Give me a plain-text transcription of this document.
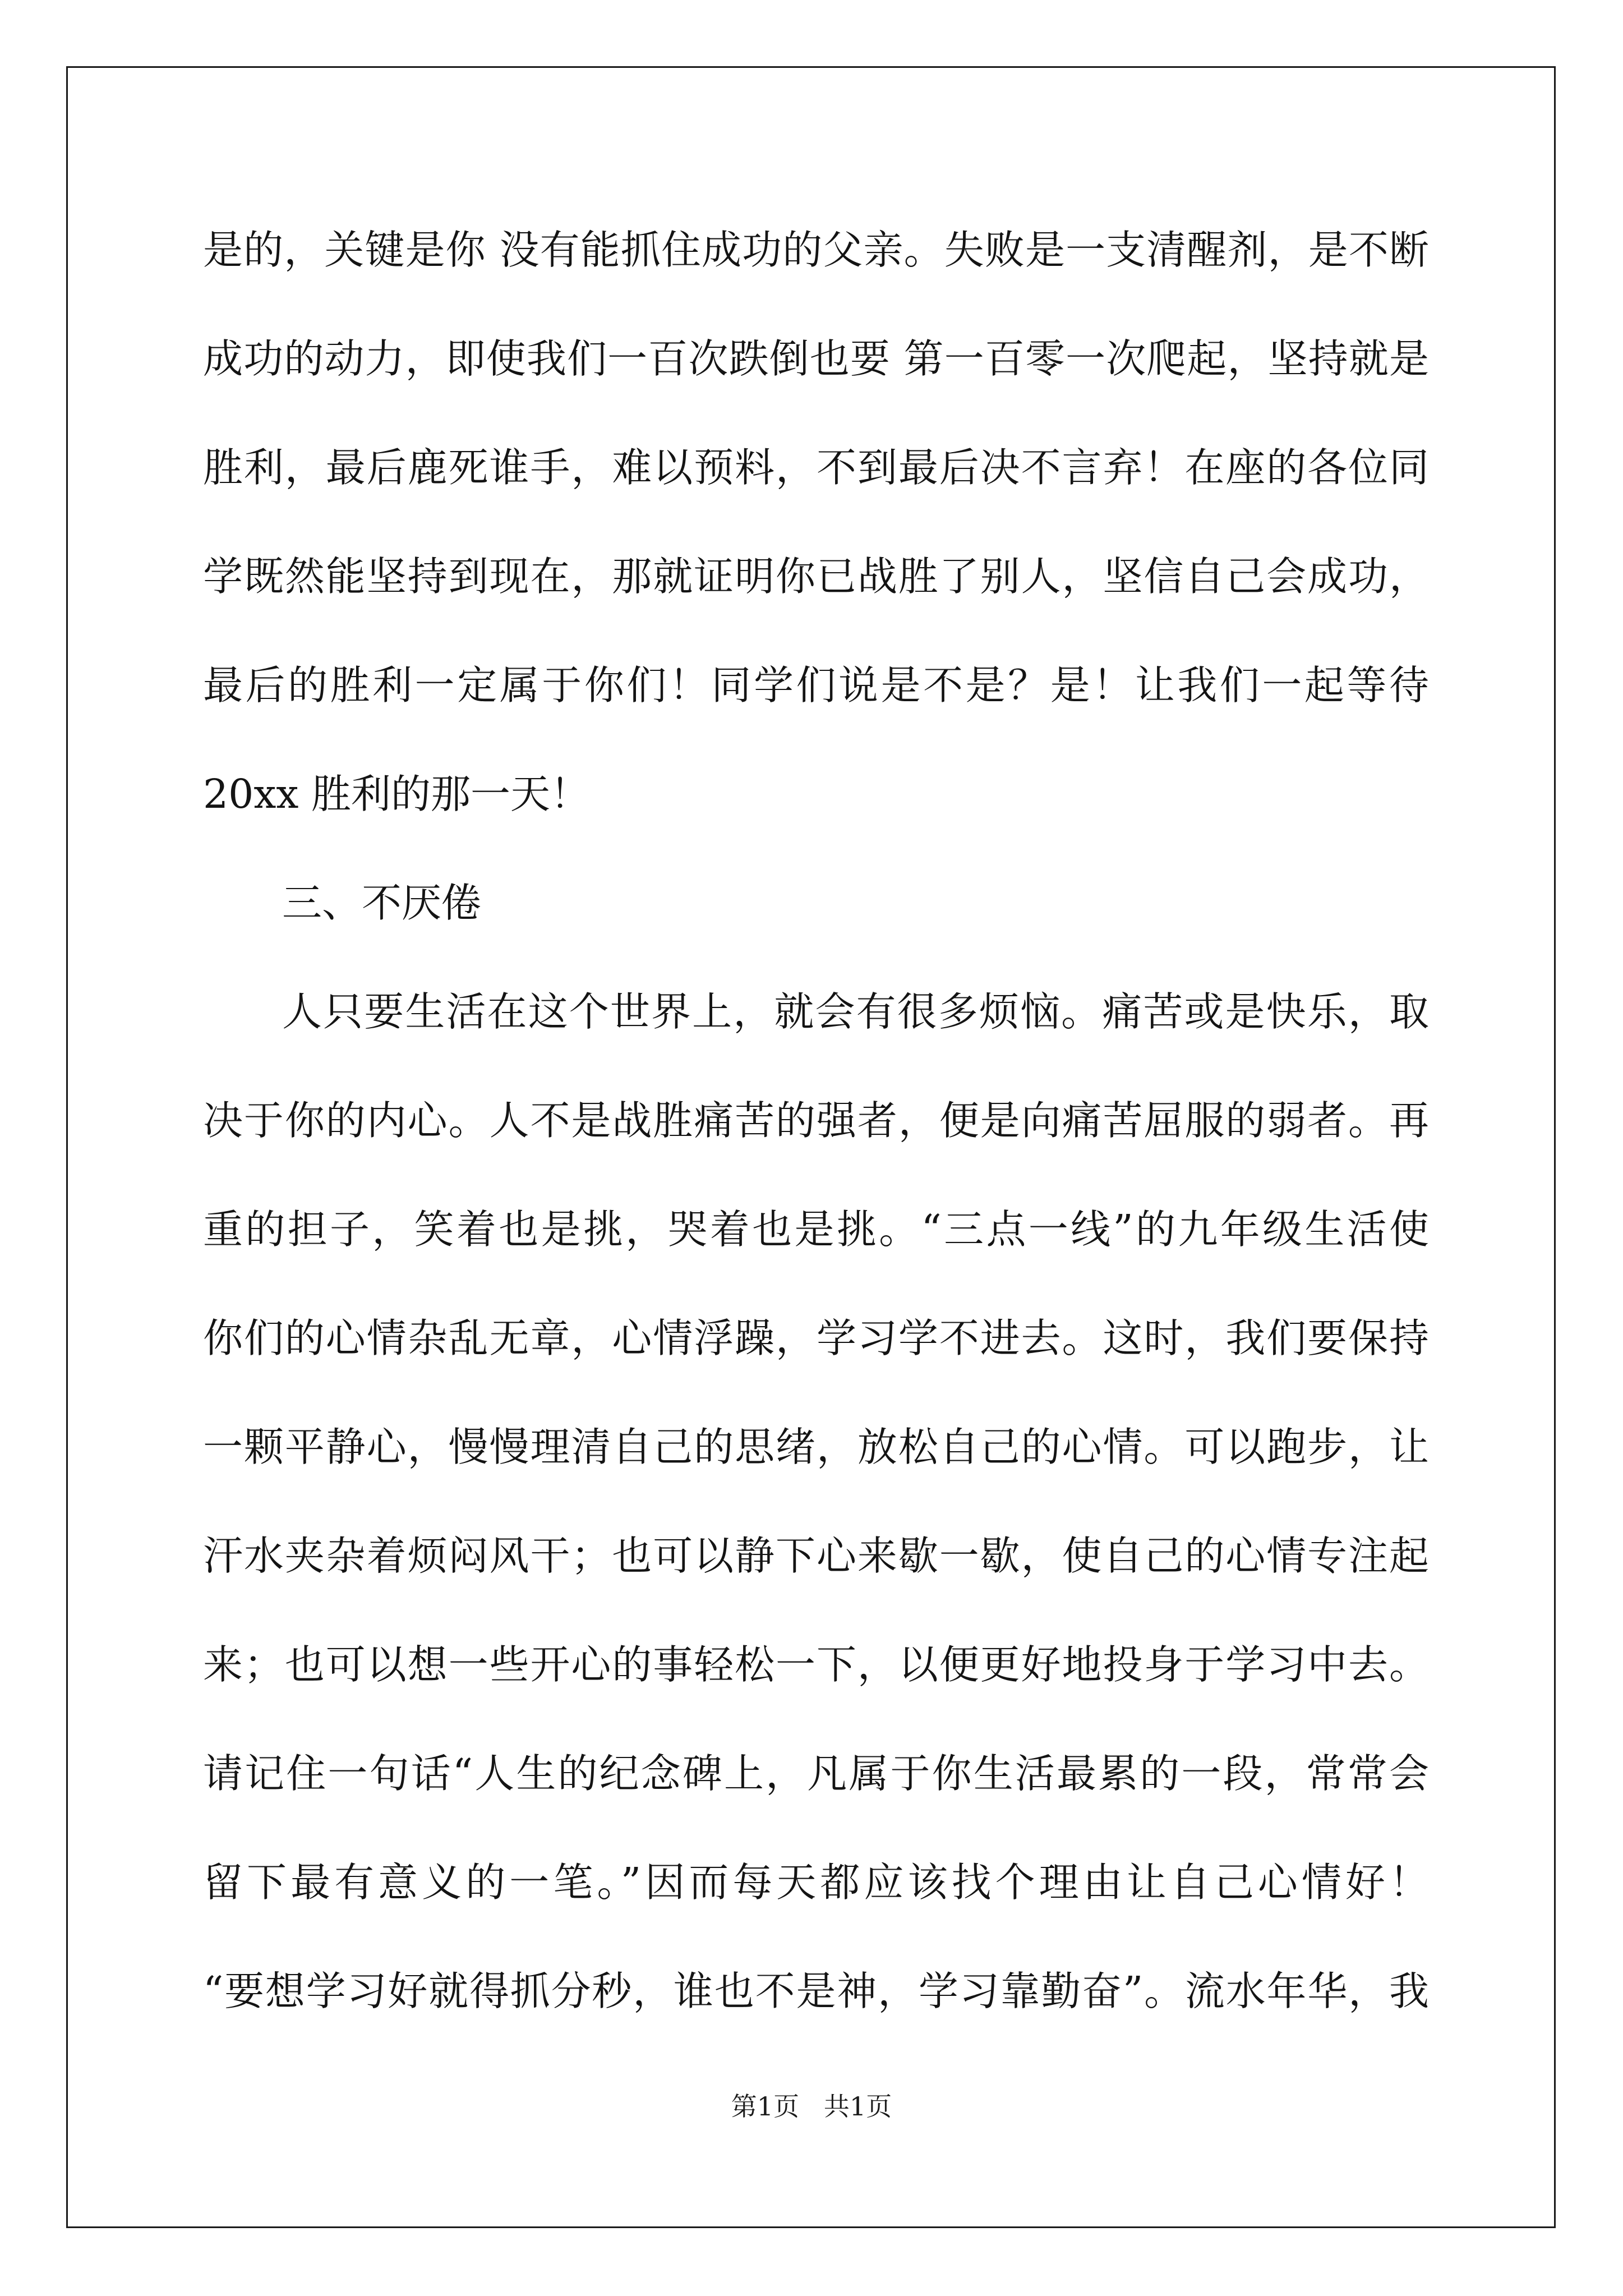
是的，关键是你 没有能抓住成功的父亲。失败是一支清醒剂，是不断
成功的动力，即使我们一百次跌倒也要 第一百零一次爬起，坚持就是
胜利，最后鹿死谁手，难以预料，不到最后决不言弃！在座的各位同
学既然能坚持到现在，那就证明你已战胜了别人，坚信自己会成功，
最后的胜利一定属于你们！同学们说是不是？是！让我们一起等待
20xx 胜利的那一天！
三、不厌倦
人只要生活在这个世界上，就会有很多烦恼。痛苦或是快乐，取
决于你的内心。人不是战胜痛苦的强者，便是向痛苦屈服的弱者。再
重的担子，笑着也是挑，哭着也是挑。“三点一线”的九年级生活使
你们的心情杂乱无章，心情浮躁，学习学不进去。这时，我们要保持
一颗平静心，慢慢理清自己的思绪，放松自己的心情。可以跑步，让
汗水夹杂着烦闷风干；也可以静下心来歇一歇，使自己的心情专注起
来；也可以想一些开心的事轻松一下，以便更好地投身于学习中去。
请记住一句话“人生的纪念碑上，凡属于你生活最累的一段，常常会
留下最有意义的一笔。”因而每天都应该找个理由让自己心情好！
“要想学习好就得抓分秒，谁也不是神，学习靠勤奋”。流水年华，我
第1页   共1页
